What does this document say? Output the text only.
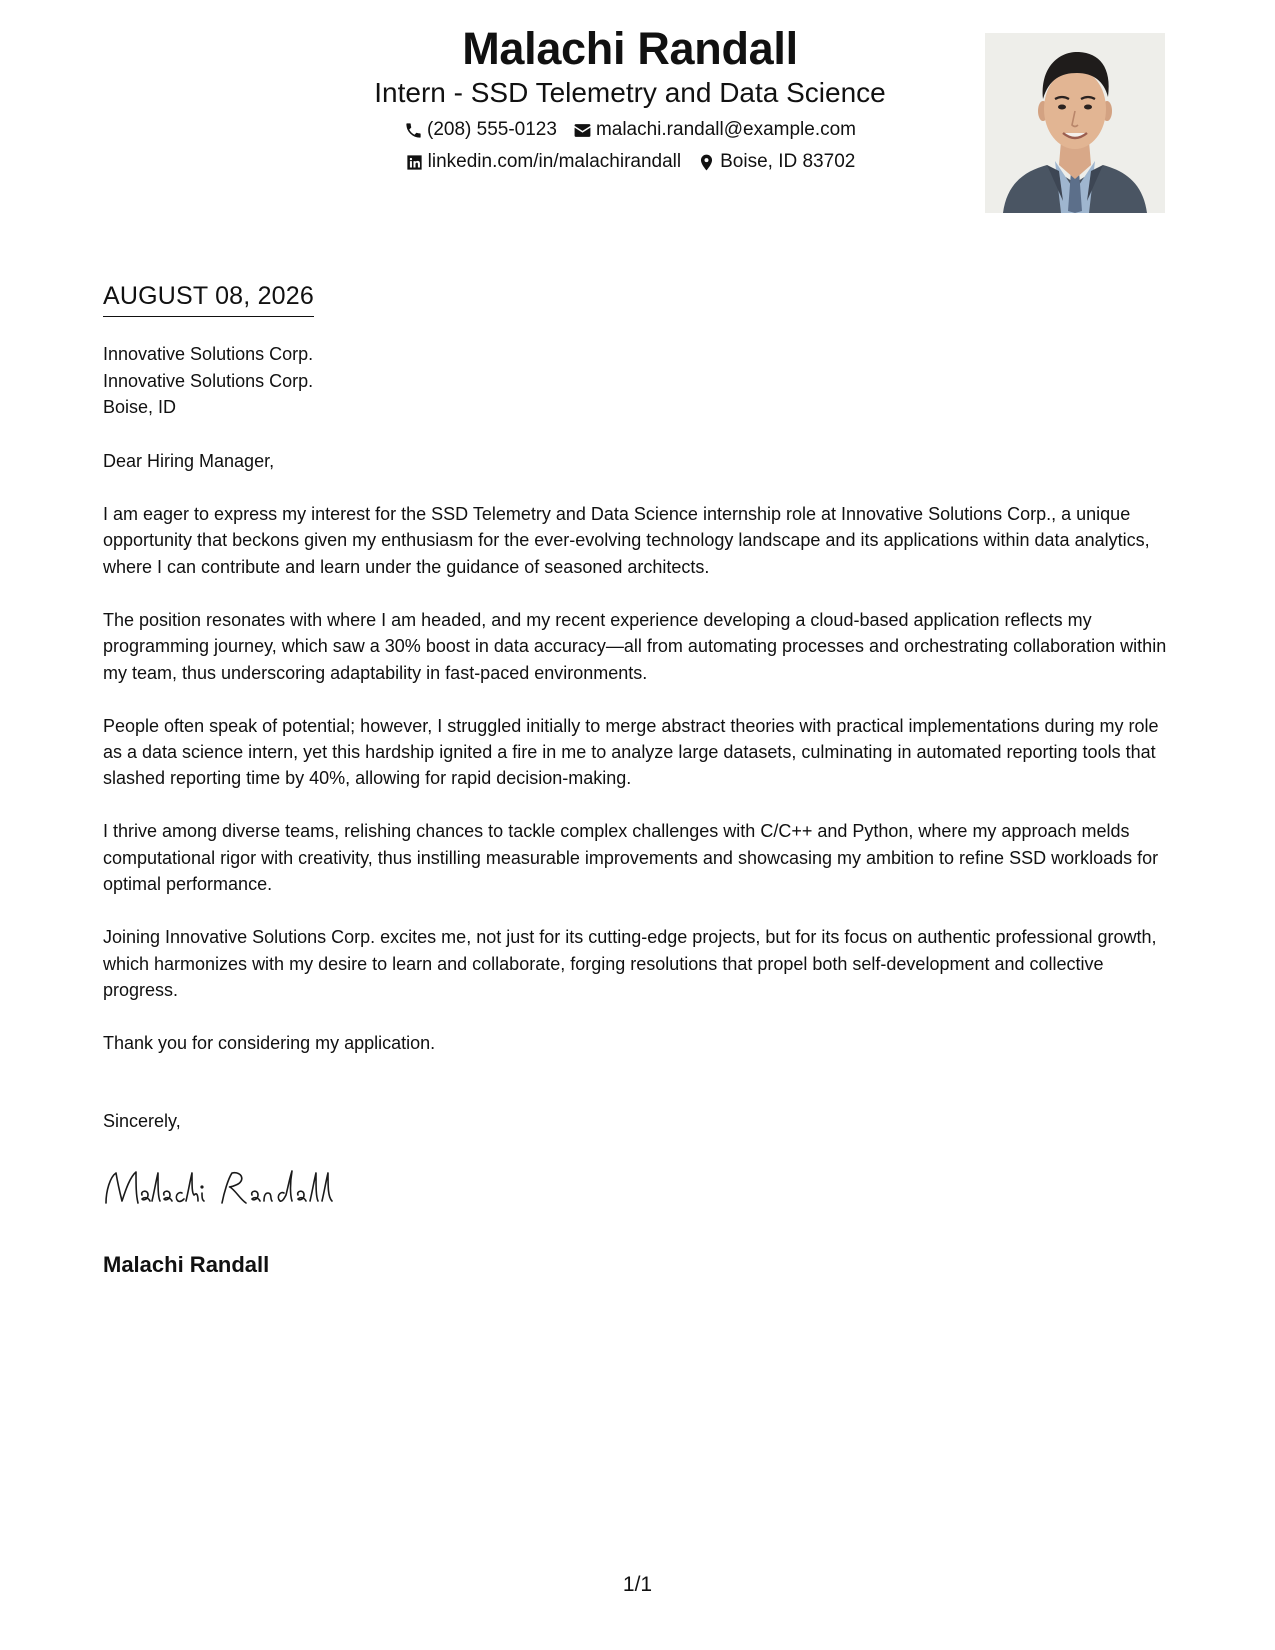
Malachi Randall
Intern - SSD Telemetry and Data Science
(208) 555-0123 malachi.randall@example.com
linkedin.com/in/malachirandall Boise, ID 83702
AUGUST 08, 2026
Innovative Solutions Corp.
Innovative Solutions Corp.
Boise, ID

Dear Hiring Manager,

I am eager to express my interest for the SSD Telemetry and Data Science internship role at Innovative Solutions Corp., a unique opportunity that beckons given my enthusiasm for the ever-evolving technology landscape and its applications within data analytics, where I can contribute and learn under the guidance of seasoned architects.

The position resonates with where I am headed, and my recent experience developing a cloud-based application reflects my programming journey, which saw a 30% boost in data accuracy—all from automating processes and orchestrating collaboration within my team, thus underscoring adaptability in fast-paced environments.

People often speak of potential; however, I struggled initially to merge abstract theories with practical implementations during my role as a data science intern, yet this hardship ignited a fire in me to analyze large datasets, culminating in automated reporting tools that slashed reporting time by 40%, allowing for rapid decision-making.

I thrive among diverse teams, relishing chances to tackle complex challenges with C/C++ and Python, where my approach melds computational rigor with creativity, thus instilling measurable improvements and showcasing my ambition to refine SSD workloads for optimal performance.

Joining Innovative Solutions Corp. excites me, not just for its cutting-edge projects, but for its focus on authentic professional growth, which harmonizes with my desire to learn and collaborate, forging resolutions that propel both self-development and collective progress.

Thank you for considering my application.

Sincerely,
Malachi Randall
1/1
